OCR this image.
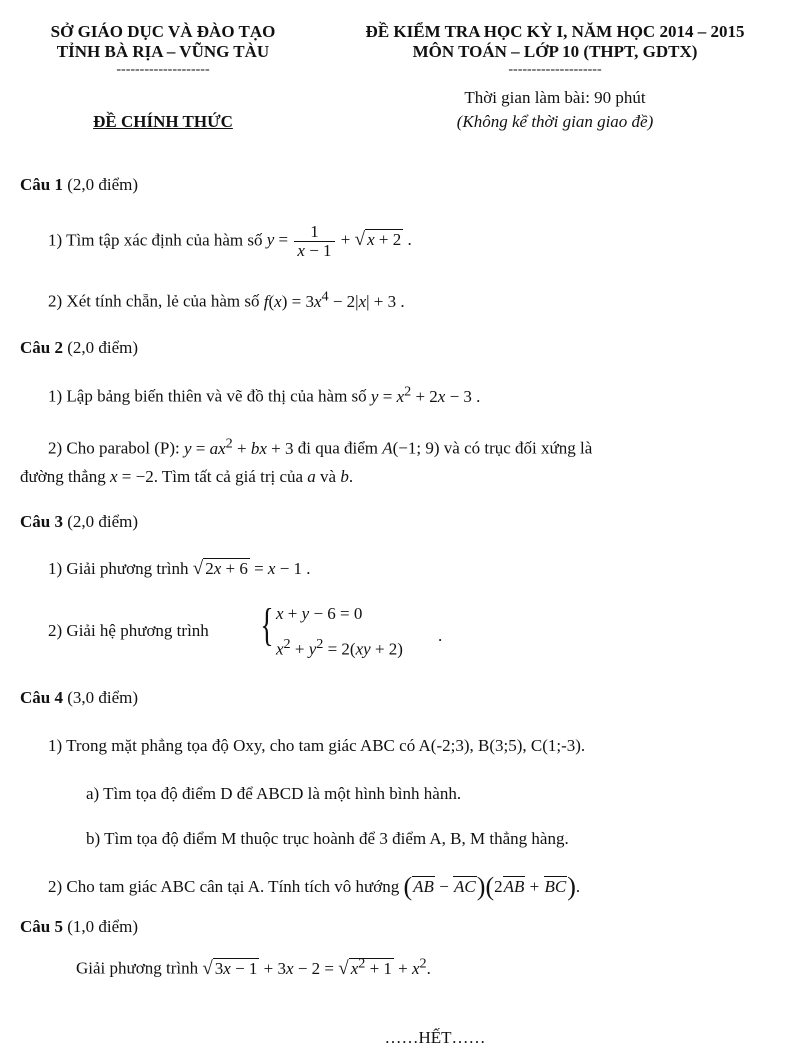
SỞ GIÁO DỤC VÀ ĐÀO TẠO
TỈNH BÀ RỊA – VŨNG TÀU
--------------------
ĐỀ CHÍNH THỨC
ĐỀ KIỂM TRA HỌC KỲ I, NĂM HỌC 2014 – 2015
MÔN TOÁN – LỚP 10 (THPT, GDTX)
--------------------
Thời gian làm bài: 90 phút
(Không kể thời gian giao đề)
Câu 1 (2,0 điểm)
1) Tìm tập xác định của hàm số $y = \frac{1}{x - 1}$ + √ x + 2 .
2) Xét tính chẵn, lẻ của hàm số $f(x) = 3x^4 - 2|x| + 3$ .
Câu 2 (2,0 điểm)
1) Lập bảng biến thiên và vẽ đồ thị của hàm số $y = x^2 + 2x - 3$ .
2) Cho parabol (P): $y = ax^2$ + bx + 3 đi qua điểm A(−1; 9) và có trục đối xứng là
đường thẳng x = −2. Tìm tất cả giá trị của a và b.
Câu 3 (2,0 điểm)
1) Giải phương trình √ 2x + 6 = x − 1 .
2) Giải hệ phương trình { x + y − 6 = 0
$x^2 + y^2 = 2(xy + 2)$
.
Câu 4 (3,0 điểm)
1) Trong mặt phẳng tọa độ Oxy, cho tam giác ABC có A(-2;3), B(3;5), C(1;-3).
a) Tìm tọa độ điểm D để ABCD là một hình bình hành.
b) Tìm tọa độ điểm M thuộc trục hoành để 3 điểm A, B, M thẳng hàng.
2) Cho tam giác ABC cân tại A. Tính tích vô hướng (AB − AC)(2AB + BC).
Câu 5 (1,0 điểm)
Giải phương trình √ 3x − 1 + 3x − 2 = √ $x^2 + 1 + x^2$.
……HẾT……
